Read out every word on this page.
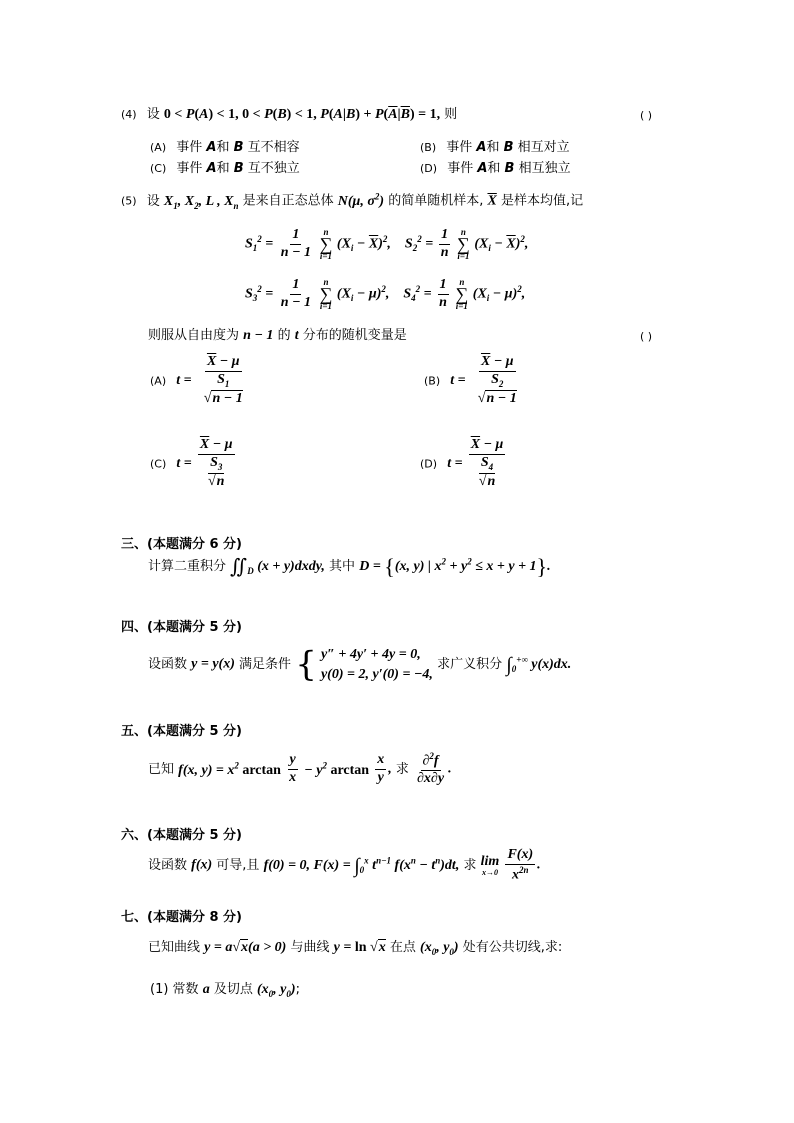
(4) 设 0 < P(A) < 1, 0 < P(B) < 1, $P(A|B) + P(\overline{A}|\overline{B}) = 1$, 则	( )
(A) 事件 A和 B 互不相容	(B) 事件 A和 B 相互对立
(C) 事件 A和 B 互不独立	(D) 事件 A和 B 相互独立
(5) 设 $X_1$, $X_2$, L , $X_n$ 是来自正态总体 N(μ, $\sigma^2$) 的简单随机样本, $\overline{X}$ 是样本均值,记
$S_1^2 = \frac{1}{n - 1}$
n
∑
i=1
$(X_i - \overline{X})^2$,    $S_2^2 = \frac{1}{n}$
n
∑
i=1
$(X_i - \overline{X})^2$,
$S_3^2 = \frac{1}{n - 1}$
n
∑
i=1
$(X_i - \mu)^2$,    $S_4^2 = \frac{1}{n}$
n
∑
i=1
$(X_i - \mu)^2$,
则服从自由度为 n − 1 的 t 分布的随机变量是	( )
(A) $t = \frac{\overline{X} - \mu}{\frac{S_1}{√n - 1}}$	(B) $t = \frac{\overline{X} - \mu}{\frac{S_2}{√n - 1}}$
(C) $t = \frac{\overline{X} - \mu}{\frac{S_3}{√n}}$	(D) $t = \frac{\overline{X} - \mu}{\frac{S_4}{√n}}$
三、(本题满分 6 分)
计算二重积分 $∬_D$ (x + y)dxdy, 其中 D = {(x, y) | $x^2 + y^2 \le x + y + 1$}.
四、(本题满分 5 分)
设函数 y = y(x) 满足条件 { y″ + 4y′ + 4y = 0,
y(0) = 2, y′(0) = −4,
求广义积分 $\int_0^{+\infty}$ y(x)dx.
五、(本题满分 5 分)
已知 f(x, $y) = x^2$ $\arctan \frac{y}{x} - y^2$ $\arctan \frac{x}{y}$ , 求 $\frac{\partial^2f}{\partial x\partial y}$ .
六、(本题满分 5 分)
设函数 f(x) 可导,且 f(0) = 0, $F(x) = \int_0^x$ $t^{n-1}$ $f(x^n - t^n)dt$, 求 lim
x→0
$\frac{F(x)}{x^{2n}}$ .
七、(本题满分 8 分)
已知曲线 y = a√x(a > 0) 与曲线 y = ln √x 在点 ($x_0$, $y_0$) 处有公共切线,求:
(1) 常数 a 及切点 ($x_0$, $y_0$);
